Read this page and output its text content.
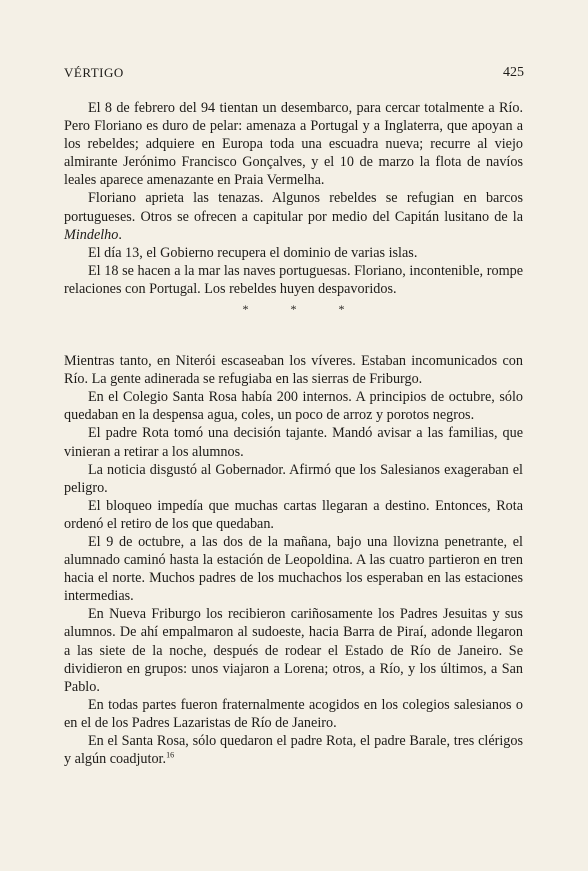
VÉRTIGO	425

El 8 de febrero del 94 tientan un desembarco, para cercar totalmente a Río. Pero Floriano es duro de pelar: amenaza a Portugal y a Inglaterra, que apoyan a los rebeldes; adquiere en Europa toda una escuadra nueva; recurre al viejo almirante Jerónimo Francisco Gonçalves, y el 10 de marzo la flota de navíos leales aparece amenazante en Praia Vermelha.

Floriano aprieta las tenazas. Algunos rebeldes se refugian en barcos portugueses. Otros se ofrecen a capitular por medio del Capitán lusitano de la Mindelho.

El día 13, el Gobierno recupera el dominio de varias islas.

El 18 se hacen a la mar las naves portuguesas. Floriano, incontenible, rompe relaciones con Portugal. Los rebeldes huyen despavoridos.

*	*	*

Mientras tanto, en Niterói escaseaban los víveres. Estaban incomunicados con Río. La gente adinerada se refugiaba en las sierras de Friburgo.

En el Colegio Santa Rosa había 200 internos. A principios de octubre, sólo quedaban en la despensa agua, coles, un poco de arroz y porotos negros.

El padre Rota tomó una decisión tajante. Mandó avisar a las familias, que vinieran a retirar a los alumnos.

La noticia disgustó al Gobernador. Afirmó que los Salesianos exageraban el peligro.

El bloqueo impedía que muchas cartas llegaran a destino. Entonces, Rota ordenó el retiro de los que quedaban.

El 9 de octubre, a las dos de la mañana, bajo una llovizna penetrante, el alumnado caminó hasta la estación de Leopoldina. A las cuatro partieron en tren hacia el norte. Muchos padres de los muchachos los esperaban en las estaciones intermedias.

En Nueva Friburgo los recibieron cariñosamente los Padres Jesuitas y sus alumnos. De ahí empalmaron al sudoeste, hacia Barra de Piraí, adonde llegaron a las siete de la noche, después de rodear el Estado de Río de Janeiro. Se dividieron en grupos: unos viajaron a Lorena; otros, a Río, y los últimos, a San Pablo.

En todas partes fueron fraternalmente acogidos en los colegios salesianos o en el de los Padres Lazaristas de Río de Janeiro.

En el Santa Rosa, sólo quedaron el padre Rota, el padre Barale, tres clérigos y algún coadjutor.$^{16}$
